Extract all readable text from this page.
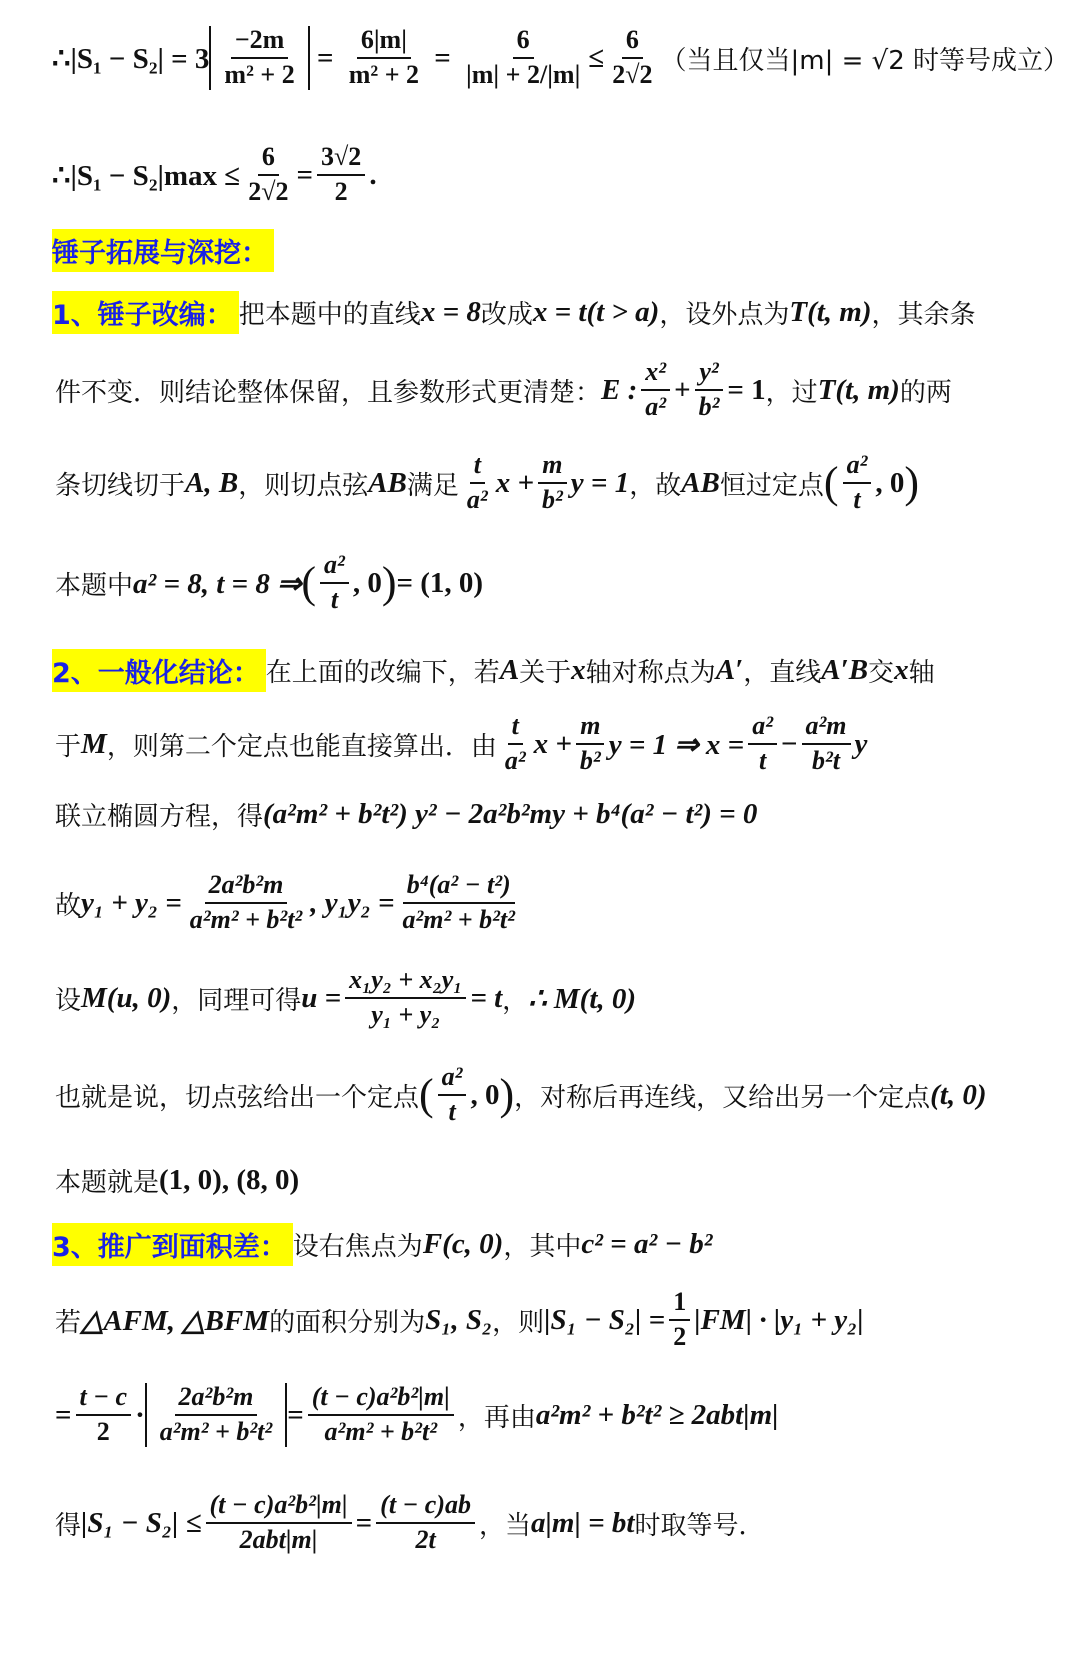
∴|S₁ − $S_2| = 3 \frac{-2m}{\text{m² + 2}} = \frac{6|m|}{\text{m² + 2}} = \frac{6}{|m| + 2/|m|} \le \frac{6}{2√2}$ （当且仅当|m| = √2 时等号成立）
∴|S₁ − $S_2|\max \le \frac{6}{2√2} = \frac{3√2}{2}$ .
锤子拓展与深挖：
1、锤子改编： 把本题中的直线 x = 8 改成 x = t(t > a) ，设外点为 T(t, m) ，其余条
件不变．则结论整体保留，且参数形式更清楚： E : $\frac{\text{x²}}{\text{a²}} + \frac{\text{y²}}{\text{b²}} = 1$ ，过 T(t, m) 的两
条切线切于 A, B ，则切点弦 AB 满足 $\frac{t}{\text{a²}}$ $x + \frac{m}{\text{b²}}$ y = 1 ，故 AB 恒过定点 ( $\frac{\text{a²}}{t}$ , 0 )
本题中 a² = 8, t = 8 ⇒ ( $\frac{\text{a²}}{t}$ , 0 ) = (1, 0)
2、一般化结论： 在上面的改编下，若 A 关于 x 轴对称点为 A′ ，直线 A′B 交 x 轴
于 M ，则第二个定点也能直接算出．由 $\frac{t}{\text{a²}}$ $x + \frac{m}{\text{b²}}$ y = 1 ⇒ $x = \frac{\text{a²}}{t} - \frac{\text{a²m}}{\text{b²t}}$ y
联立椭圆方程，得 (a²m² + b²t²) y² − 2a²b²my + b⁴(a² − t²) = 0
故 $y_1 + y_2 = \frac{\text{2a²b²m}}{\text{a²m² + b²t²}}$ , $y_1y_2 = \frac{\text{b⁴(a² − t²)}}{\text{a²m² + b²t²}}$
设 M(u, 0) ，同理可得 $u = \frac{\text{x₁y₂ + x₂y₁}}{\text{y₁ + y₂}} = t$ ， ∴ M(t, 0)
也就是说，切点弦给出一个定点 ( $\frac{\text{a²}}{t}$ , 0 ) ，对称后再连线，又给出另一个定点 (t, 0)
本题就是 (1, 0), (8, 0)
3、推广到面积差： 设右焦点为 F(c, 0) ，其中 c² = a² − b²
若 △AFM, △BFM 的面积分别为 S₁, S₂ ，则 $|S_1 - S_2| = \frac{1}{2} |FM| \cdot |y_1 + y_2|$
= $\frac{t - c}{2} \cdot \frac{\text{2a²b²m}}{\text{a²m² + b²t²}} = \frac{\text{(t − c)a²b²|m|}}{\text{a²m² + b²t²}}$ ，再由 a²m² + b²t² ≥ 2abt|m|
得 $|S_1 - S_2| \le \frac{\text{(t − c)a²b²|m|}}{\text{2abt|m|}} = \frac{(t - c)ab}{2t}$ ，当 a|m| = bt 时取等号．
